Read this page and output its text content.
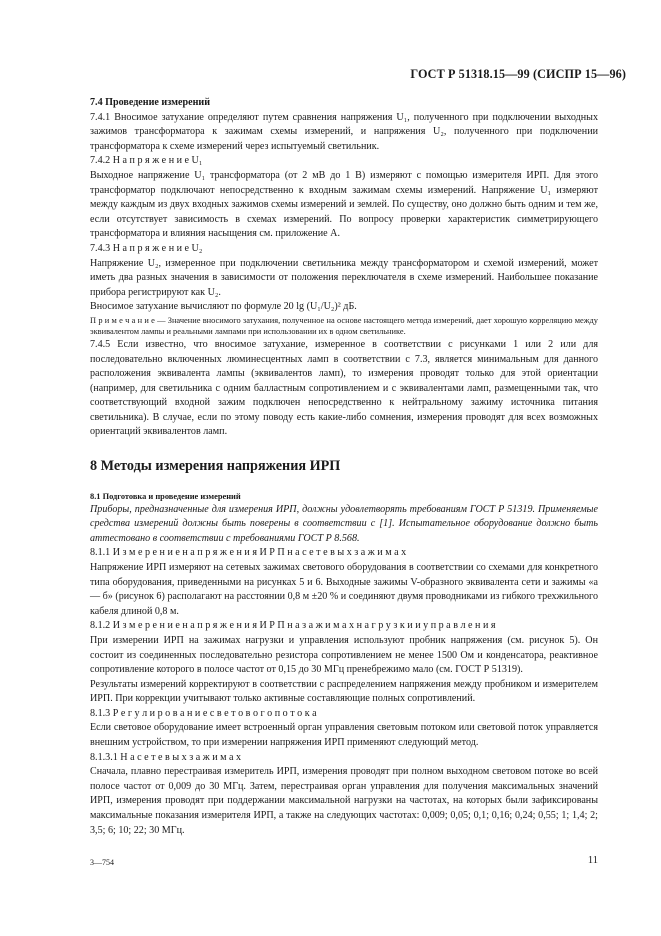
ГОСТ Р 51318.15—99 (СИСПР 15—96)

7.4 Проведение измерений

7.4.1 Вносимое затухание определяют путем сравнения напряжения U₁, полученного при подключении выходных зажимов трансформатора к зажимам схемы измерений, и напряжения U₂, полученного при подключении трансформатора к схеме измерений через испытуемый светильник.

7.4.2 Н а п р я ж е н и е U₁

Выходное напряжение U₁ трансформатора (от 2 мВ до 1 В) измеряют с помощью измерителя ИРП. Для этого трансформатор подключают непосредственно к входным зажимам схемы измерений. Напряжение U₁ измеряют между каждым из двух входных зажимов схемы измерений и землей. По существу, оно должно быть одним и тем же, если отсутствует зависимость в схемах измерений. По вопросу проверки характеристик симметрирующего трансформатора и влияния насыщения см. приложение А.

7.4.3 Н а п р я ж е н и е U₂

Напряжение U₂, измеренное при подключении светильника между трансформатором и схемой измерений, может иметь два разных значения в зависимости от положения переключателя в схеме измерений. Наибольшее показание прибора регистрируют как U₂.

Вносимое затухание вычисляют по формуле 20 lg (U₁/U₂)² дБ.

П р и м е ч а н и е — Значение вносимого затухания, полученное на основе настоящего метода измерений, дает хорошую корреляцию между эквивалентом лампы и реальными лампами при использовании их в одном светильнике.

7.4.5 Если известно, что вносимое затухание, измеренное в соответствии с рисунками 1 или 2 или для последовательно включенных люминесцентных ламп в соответствии с 7.3, является минимальным для данного расположения эквивалента лампы (эквивалентов ламп), то измерения проводят только для этой ориентации (например, для светильника с одним балластным сопротивлением и с эквивалентами ламп, размещенными так, что соответствующий входной зажим подключен непосредственно к нейтральному зажиму источника питания светильника). В случае, если по этому поводу есть какие-либо сомнения, измерения проводят для всех возможных ориентаций эквивалентов ламп.

8 Методы измерения напряжения ИРП

8.1 Подготовка и проведение измерений

Приборы, предназначенные для измерения ИРП, должны удовлетворять требованиям ГОСТ Р 51319. Применяемые средства измерений должны быть поверены в соответствии с [1]. Испытательное оборудование должно быть аттестовано в соответствии с требованиями ГОСТ Р 8.568.

8.1.1 И з м е р е н и е н а п р я ж е н и я И Р П н а с е т е в ы х з а ж и м а х

Напряжение ИРП измеряют на сетевых зажимах светового оборудования в соответствии со схемами для конкретного типа оборудования, приведенными на рисунках 5 и 6. Выходные зажимы V-образного эквивалента сети и зажимы «а — б» (рисунок 6) располагают на расстоянии 0,8 м ±20 % и соединяют двумя проводниками из гибкого трехжильного кабеля длиной 0,8 м.

8.1.2 И з м е р е н и е н а п р я ж е н и я И Р П н а з а ж и м а х н а г р у з к и и у п р а в л е н и я

При измерении ИРП на зажимах нагрузки и управления используют пробник напряжения (см. рисунок 5). Он состоит из соединенных последовательно резистора сопротивлением не менее 1500 Ом и конденсатора, реактивное сопротивление которого в полосе частот от 0,15 до 30 МГц пренебрежимо мало (см. ГОСТ Р 51319).

Результаты измерений корректируют в соответствии с распределением напряжения между пробником и измерителем ИРП. При коррекции учитывают только активные составляющие полных сопротивлений.

8.1.3 Р е г у л и р о в а н и е с в е т о в о г о п о т о к а

Если световое оборудование имеет встроенный орган управления световым потоком или световой поток управляется внешним устройством, то при измерении напряжения ИРП применяют следующий метод.

8.1.3.1 Н а с е т е в ы х з а ж и м а х

Сначала, плавно перестраивая измеритель ИРП, измерения проводят при полном выходном световом потоке во всей полосе частот от 0,009 до 30 МГц. Затем, перестраивая орган управления для получения максимальных значений ИРП, измерения проводят при поддержании максимальной нагрузки на частотах, на которых были зафиксированы максимальные показания измерителя ИРП, а также на следующих частотах: 0,009; 0,05; 0,1; 0,16; 0,24; 0,55; 1; 1,4; 2; 3,5; 6; 10; 22; 30 МГц.

3—754	11
